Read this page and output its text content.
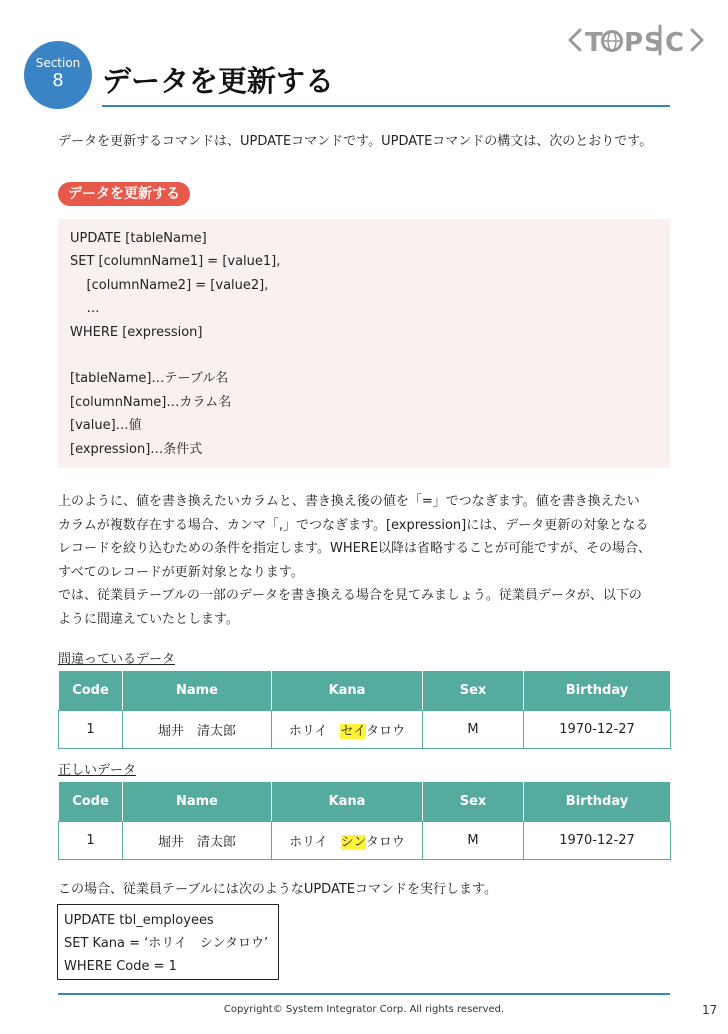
T PS C
Section
8	データを更新する
データを更新するコマンドは、UPDATEコマンドです。UPDATEコマンドの構文は、次のとおりです。
データを更新する
UPDATE [tableName]
SET [columnName1] = [value1],
[columnName2] = [value2],
…
WHERE [expression]
[tableName]…テーブル名
[columnName]…カラム名
[value]…値
[expression]…条件式
上のように、値を書き換えたいカラムと、書き換え後の値を「=」でつなぎます。値を書き換えたい
カラムが複数存在する場合、カンマ「,」でつなぎます。[expression]には、データ更新の対象となる
レコードを絞り込むための条件を指定します。WHERE以降は省略することが可能ですが、その場合、
すべてのレコードが更新対象となります。
では、従業員テーブルの一部のデータを書き換える場合を見てみましょう。従業員データが、以下の
ように間違えていたとします。
間違っているデータ
Code	Name	Kana	Sex	Birthday
1	堀井　清太郎	ホリイ　セイタロウ	M	1970-12-27
正しいデータ
Code	Name	Kana	Sex	Birthday
1	堀井　清太郎	ホリイ　シンタロウ	M	1970-12-27
この場合、従業員テーブルには次のようなUPDATEコマンドを実行します。
UPDATE tbl_employees
SET Kana = ‘ホリイ　シンタロウ’
WHERE Code = 1
Copyright© System Integrator Corp. All rights reserved.	17
